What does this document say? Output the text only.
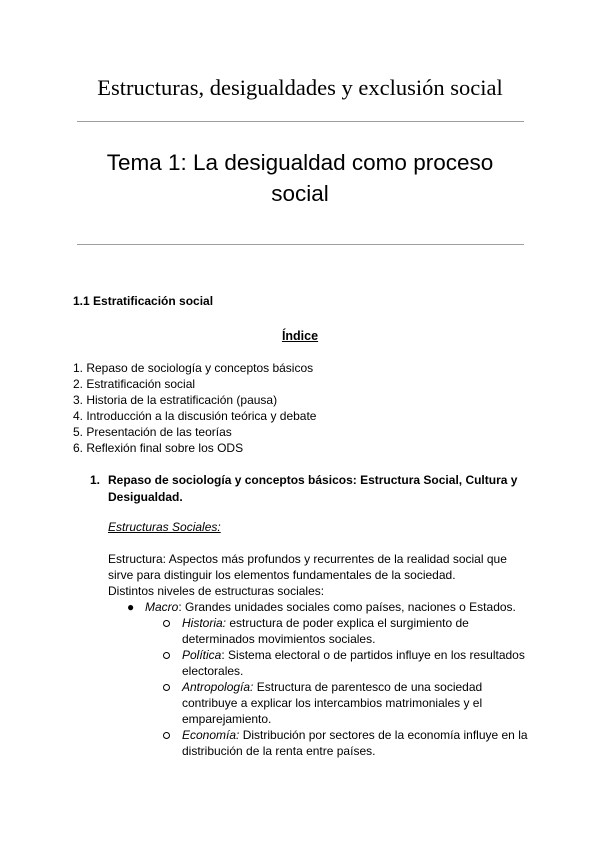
Estructuras, desigualdades y exclusión social
Tema 1: La desigualdad como proceso social
1.1 Estratificación social
Índice
1. Repaso de sociología y conceptos básicos
2. Estratificación social
3. Historia de la estratificación (pausa)
4. Introducción a la discusión teórica y debate
5. Presentación de las teorías
6. Reflexión final sobre los ODS
1. Repaso de sociología y conceptos básicos: Estructura Social, Cultura y Desigualdad.
Estructuras Sociales:
Estructura: Aspectos más profundos y recurrentes de la realidad social que sirve para distinguir los elementos fundamentales de la sociedad.
Distintos niveles de estructuras sociales:
● Macro: Grandes unidades sociales como países, naciones o Estados.
Historia: estructura de poder explica el surgimiento de determinados movimientos sociales.
Política: Sistema electoral o de partidos influye en los resultados electorales.
Antropología: Estructura de parentesco de una sociedad contribuye a explicar los intercambios matrimoniales y el emparejamiento.
Economía: Distribución por sectores de la economía influye en la distribución de la renta entre países.
